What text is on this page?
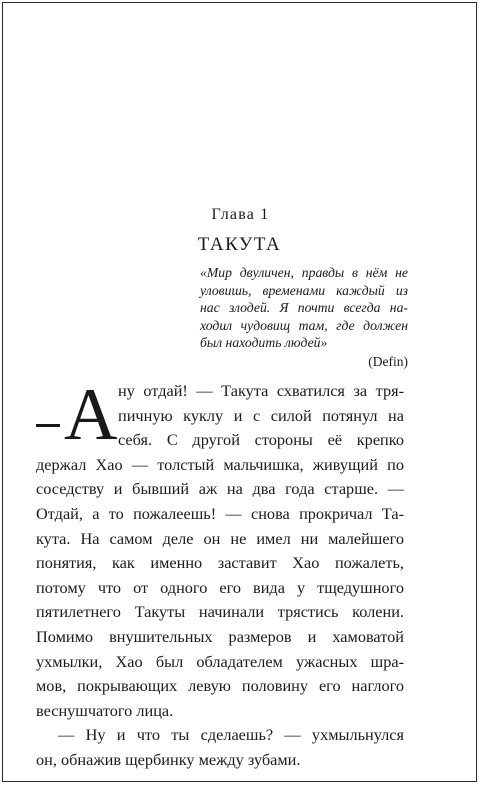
Глава 1
ТАКУТА
«Мир двуличен, правды в нём не
уловишь, временами каждый из
нас злодей. Я почти всегда на-
ходил чудовищ там, где должен
был находить людей»
(Defin)
А ну отдай! — Такута схватился за тря-
пичную куклу и с силой потянул на
себя. С другой стороны её крепко
держал Хао — толстый мальчишка, живущий по
соседству и бывший аж на два года старше. —
Отдай, а то пожалеешь! — снова прокричал Та-
кута. На самом деле он не имел ни малейшего
понятия, как именно заставит Хао пожалеть,
потому что от одного его вида у тщедушного
пятилетнего Такуты начинали трястись колени.
Помимо внушительных размеров и хамоватой
ухмылки, Хао был обладателем ужасных шра-
мов, покрывающих левую половину его наглого
веснушчатого лица.
— Ну и что ты сделаешь? — ухмыльнулся
он, обнажив щербинку между зубами.
